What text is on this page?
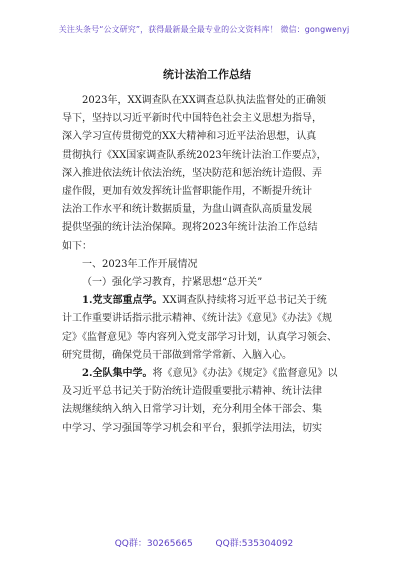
关注头条号“公文研究”，获得最新最全最专业的公文资料库！ 微信：gongwenyj
统计法治工作总结
2023年，XX调查队在XX调查总队执法监督处的正确领
导下，坚持以习近平新时代中国特色社会主义思想为指导，
深入学习宣传贯彻党的XX大精神和习近平法治思想，认真
贯彻执行《XX国家调查队系统2023年统计法治工作要点》，
深入推进依法统计依法治统，坚决防范和惩治统计造假、弄
虚作假，更加有效发挥统计监督职能作用，不断提升统计
法治工作水平和统计数据质量，为盘山调查队高质量发展
提供坚强的统计法治保障。现将2023年统计法治工作总结
如下：
一、2023年工作开展情况
（一）强化学习教育，拧紧思想“总开关”
1.党支部重点学。XX调查队持续将习近平总书记关于统
计工作重要讲话指示批示精神、《统计法》《意见》《办法》《规
定》《监督意见》等内容列入党支部学习计划，认真学习领会、
研究贯彻，确保党员干部做到常学常新、入脑入心。
2.全队集中学。将《意见》《办法》《规定》《监督意见》以
及习近平总书记关于防治统计造假重要批示精神、统计法律
法规继续纳入纳入日常学习计划，充分利用全体干部会、集
中学习、学习强国等学习机会和平台，狠抓学法用法，切实
QQ群：30265665	QQ群:535304092
